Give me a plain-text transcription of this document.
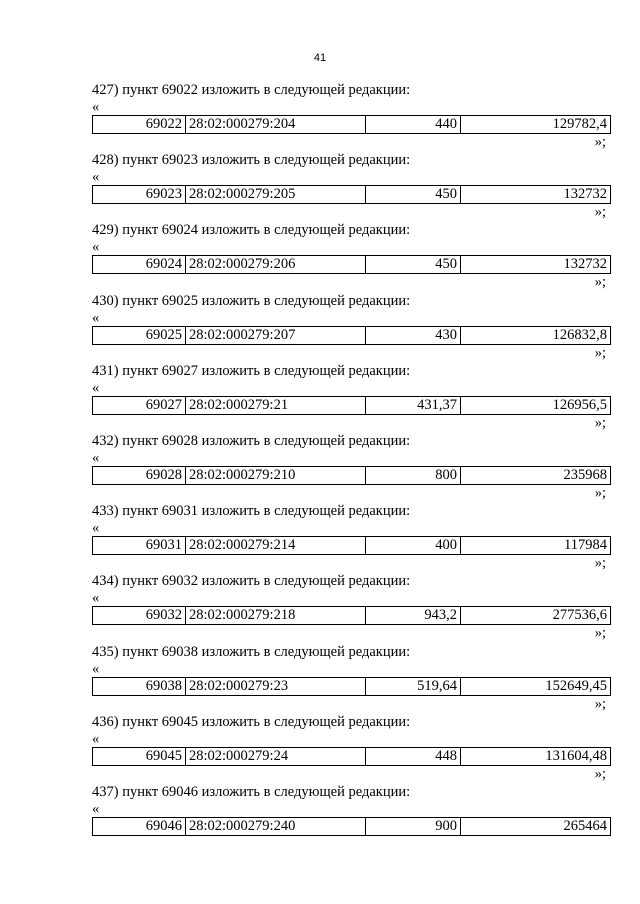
41
427) пункт 69022 изложить в следующей редакции:
«
69022	28:02:000279:204	440	129782,4
»;
428) пункт 69023 изложить в следующей редакции:
«
69023	28:02:000279:205	450	132732
»;
429) пункт 69024 изложить в следующей редакции:
«
69024	28:02:000279:206	450	132732
»;
430) пункт 69025 изложить в следующей редакции:
«
69025	28:02:000279:207	430	126832,8
»;
431) пункт 69027 изложить в следующей редакции:
«
69027	28:02:000279:21	431,37	126956,5
»;
432) пункт 69028 изложить в следующей редакции:
«
69028	28:02:000279:210	800	235968
»;
433) пункт 69031 изложить в следующей редакции:
«
69031	28:02:000279:214	400	117984
»;
434) пункт 69032 изложить в следующей редакции:
«
69032	28:02:000279:218	943,2	277536,6
»;
435) пункт 69038 изложить в следующей редакции:
«
69038	28:02:000279:23	519,64	152649,45
»;
436) пункт 69045 изложить в следующей редакции:
«
69045	28:02:000279:24	448	131604,48
»;
437) пункт 69046 изложить в следующей редакции:
«
69046	28:02:000279:240	900	265464
